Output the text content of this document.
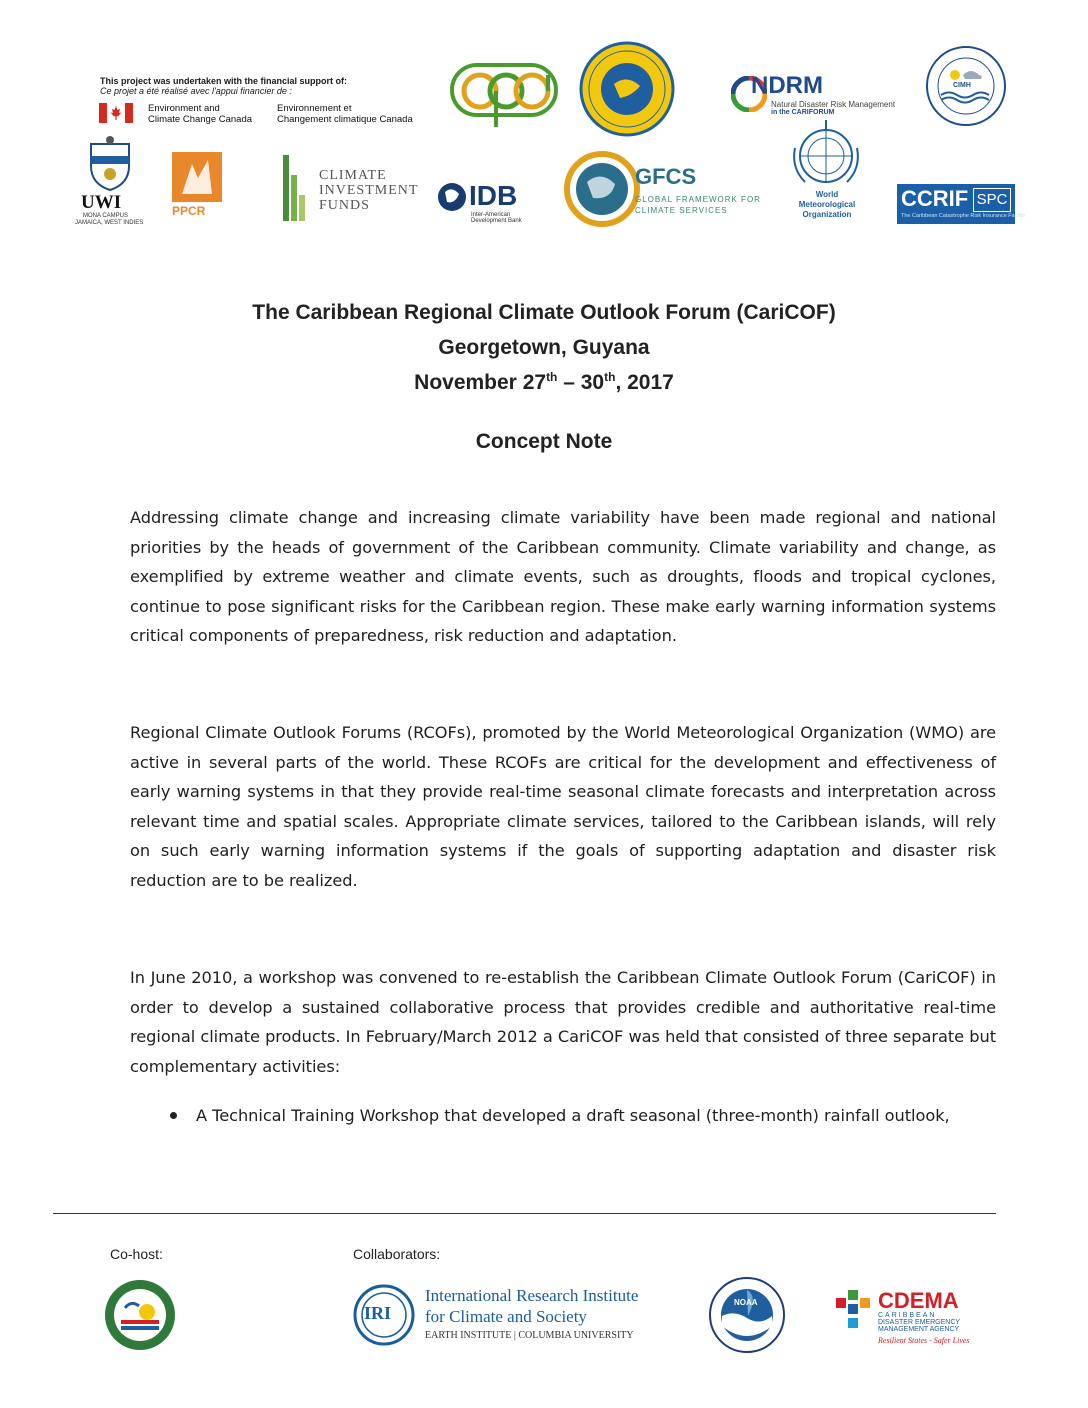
This project was undertaken with the financial support of:
Ce projet a été réalisé avec l'appui financier de :
Environment and
Climate Change Canada
Environnement et
Changement climatique Canada
NDRM
Natural Disaster Risk Management
in the CARIFORUM
CIMH
UWI
MONA CAMPUS
JAMAICA, WEST INDIES
PPCR
CLIMATE
INVESTMENT
FUNDS	IDB
Inter-American
Development Bank
GFCS
GLOBAL FRAMEWORK FOR
CLIMATE SERVICES
World
Meteorological
Organization
CCRIF SPC
The Caribbean Catastrophe Risk Insurance Facility
The Caribbean Regional Climate Outlook Forum (CariCOF)
Georgetown, Guyana
November 27th – 30th, 2017
Concept Note

Addressing climate change and increasing climate variability have been made regional and national priorities by the heads of government of the Caribbean community. Climate variability and change, as exemplified by extreme weather and climate events, such as droughts, floods and tropical cyclones, continue to pose significant risks for the Caribbean region. These make early warning information systems critical components of preparedness, risk reduction and adaptation.

Regional Climate Outlook Forums (RCOFs), promoted by the World Meteorological Organization (WMO) are active in several parts of the world. These RCOFs are critical for the development and effectiveness of early warning systems in that they provide real-time seasonal climate forecasts and interpretation across relevant time and spatial scales. Appropriate climate services, tailored to the Caribbean islands, will rely on such early warning information systems if the goals of supporting adaptation and disaster risk reduction are to be realized.

In June 2010, a workshop was convened to re-establish the Caribbean Climate Outlook Forum (CariCOF) in order to develop a sustained collaborative process that provides credible and authoritative real-time regional climate products. In February/March 2012 a CariCOF was held that consisted of three separate but complementary activities:

A Technical Training Workshop that developed a draft seasonal (three-month) rainfall outlook,

Co-host:	Collaborators:
IRI
International Research Institute
for Climate and Society
EARTH INSTITUTE | COLUMBIA UNIVERSITY
NOAA	CDEMA
CARIBBEAN
DISASTER EMERGENCY
MANAGEMENT AGENCY
Resilient States - Safer Lives
